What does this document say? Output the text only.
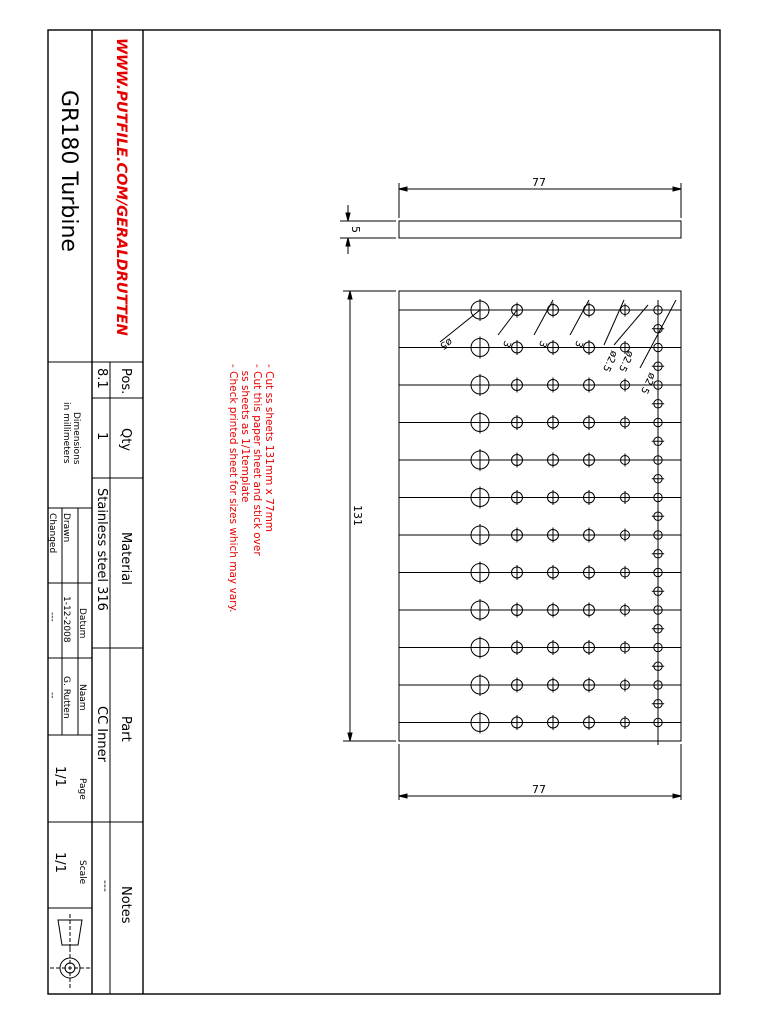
GR180 Turbine WWW.PUTFILE.COM/GERALDRUTTEN
Pos.
Qty
Material
Part
Notes
8.1
1
Stainless steel 316
CC Inner
---
Dimensions
in millimeters
Drawn
Changed
Datum
1-12-2008
---
Naam
G. Rutten
--
Page
1/1
Scale
1/1
- Cut ss sheets 131mm x 77mm
- Cut this paper sheet and stick over
ss sheets as 1/1template
- Check printed sheet for sizes which may vary.
77
5
131
77
ø5	3 3 3
ø2.5
ø2.5
ø2.5
